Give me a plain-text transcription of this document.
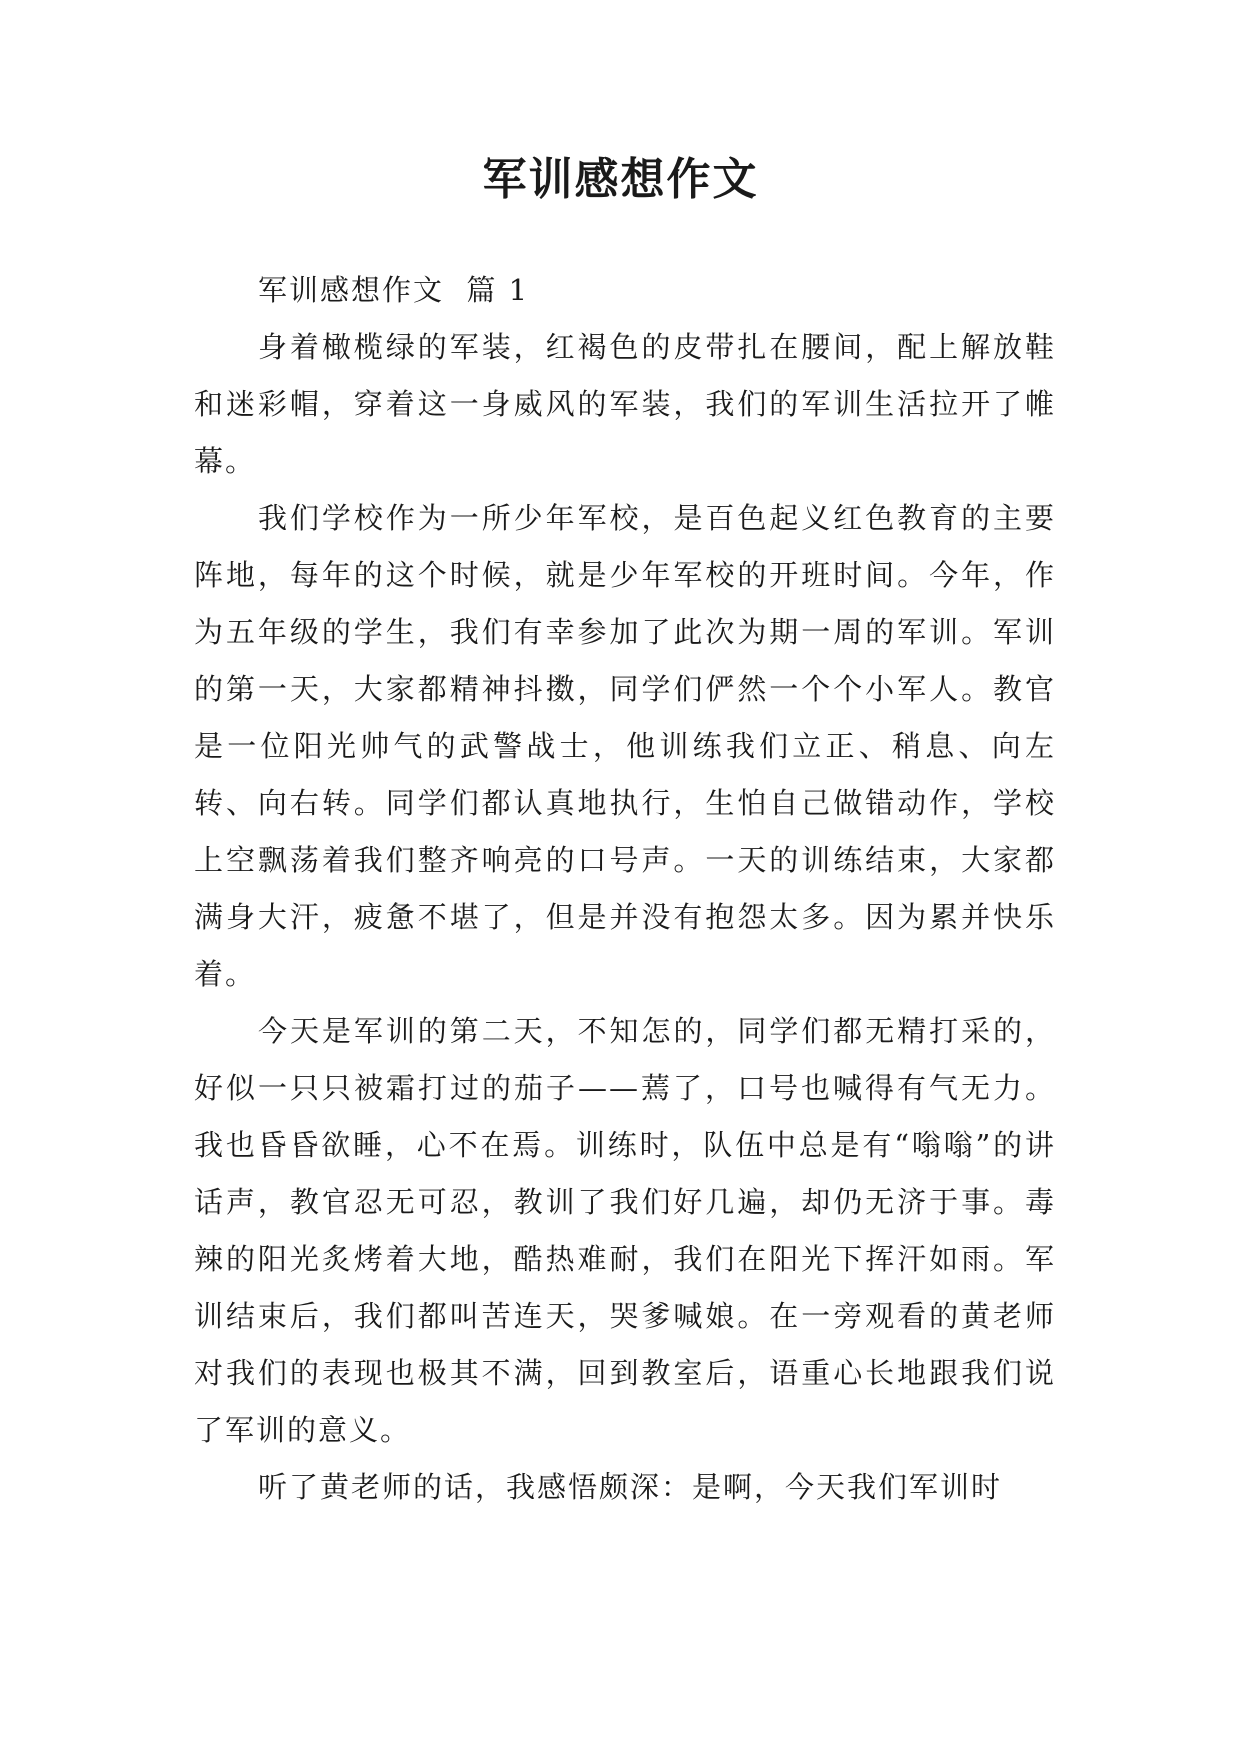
军训感想作文

军训感想作文  篇 1

身着橄榄绿的军装，红褐色的皮带扎在腰间，配上解放鞋和迷彩帽，穿着这一身威风的军装，我们的军训生活拉开了帷幕。

我们学校作为一所少年军校，是百色起义红色教育的主要阵地，每年的这个时候，就是少年军校的开班时间。今年，作为五年级的学生，我们有幸参加了此次为期一周的军训。军训的第一天，大家都精神抖擞，同学们俨然一个个小军人。教官是一位阳光帅气的武警战士，他训练我们立正、稍息、向左转、向右转。同学们都认真地执行，生怕自己做错动作，学校上空飘荡着我们整齐响亮的口号声。一天的训练结束，大家都满身大汗，疲惫不堪了，但是并没有抱怨太多。因为累并快乐着。

今天是军训的第二天，不知怎的，同学们都无精打采的，好似一只只被霜打过的茄子——蔫了，口号也喊得有气无力。我也昏昏欲睡，心不在焉。训练时，队伍中总是有“嗡嗡”的讲话声，教官忍无可忍，教训了我们好几遍，却仍无济于事。毒辣的阳光炙烤着大地，酷热难耐，我们在阳光下挥汗如雨。军训结束后，我们都叫苦连天，哭爹喊娘。在一旁观看的黄老师对我们的表现也极其不满，回到教室后，语重心长地跟我们说了军训的意义。

听了黄老师的话，我感悟颇深：是啊，今天我们军训时
